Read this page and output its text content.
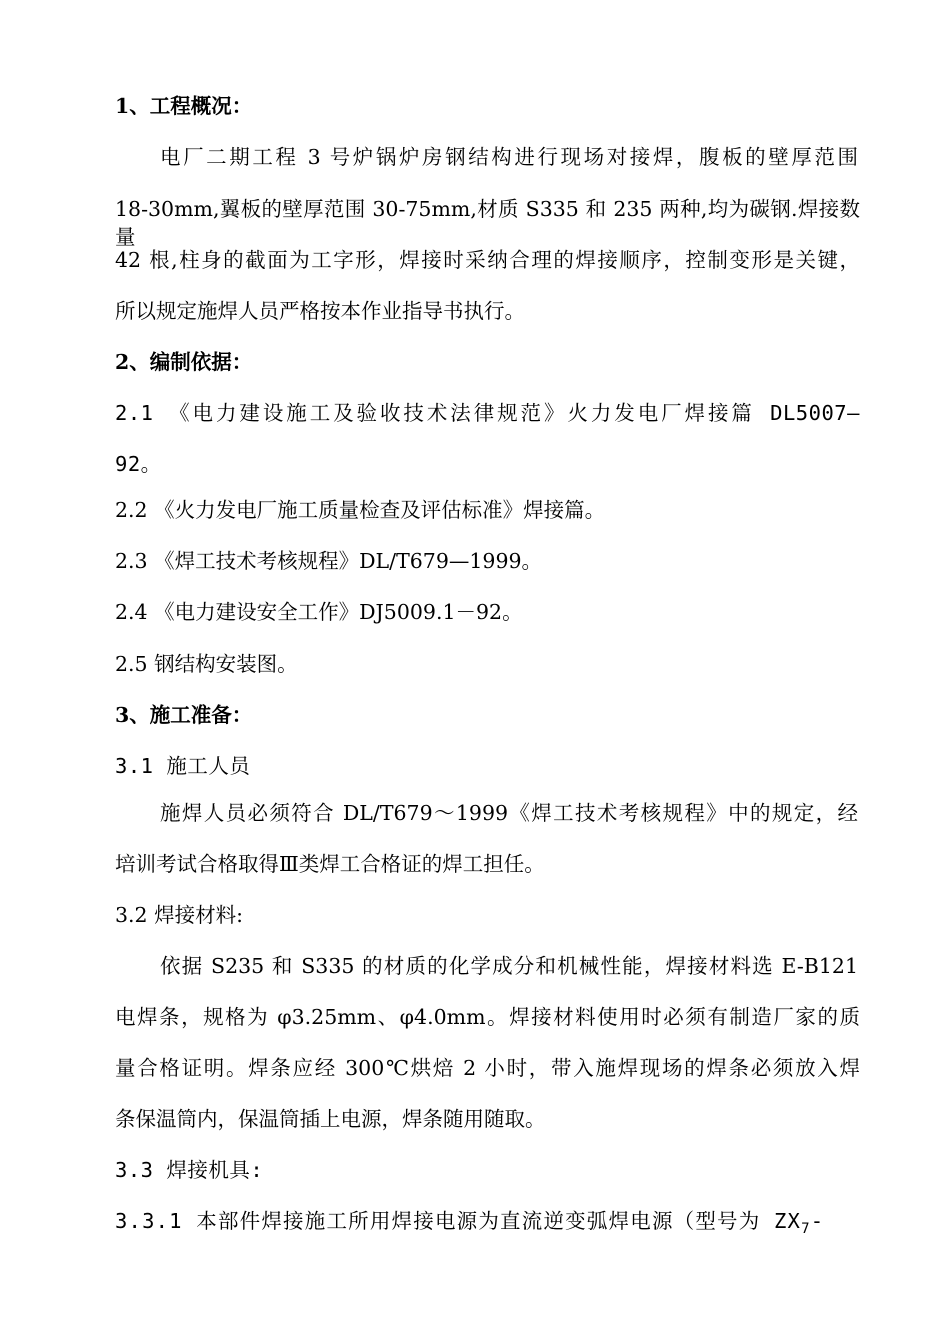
1、工程概况：
电厂二期工程 3 号炉锅炉房钢结构进行现场对接焊，腹板的壁厚范围
18-30mm,翼板的壁厚范围 30-75mm,材质 S335 和 235 两种,均为碳钢.焊接数量
42 根,柱身的截面为工字形，焊接时采纳合理的焊接顺序，控制变形是关键，
所以规定施焊人员严格按本作业指导书执行。
2、编制依据：
2.1　《电力建设施工及验收技术法律规范》火力发电厂焊接篇 DL5007—
92。
2.2 《火力发电厂施工质量检查及评估标准》焊接篇。
2.3 《焊工技术考核规程》DL/T679—1999。
2.4 《电力建设安全工作》DJ5009.1－92。
2.5 钢结构安装图。
3、施工准备：
3.1 施工人员
施焊人员必须符合 DL/T679～1999《焊工技术考核规程》中的规定，经
培训考试合格取得Ⅲ类焊工合格证的焊工担任。
3.2 焊接材料:
依据 S235 和 S335 的材质的化学成分和机械性能，焊接材料选 E-B121
电焊条，规格为 φ3.25mm、φ4.0mm。焊接材料使用时必须有制造厂家的质
量合格证明。焊条应经 300℃烘焙 2 小时，带入施焊现场的焊条必须放入焊
条保温筒内，保温筒插上电源，焊条随用随取。
3.3 焊接机具:
3.3.1 本部件焊接施工所用焊接电源为直流逆变弧焊电源（型号为 $ZX_7-$
